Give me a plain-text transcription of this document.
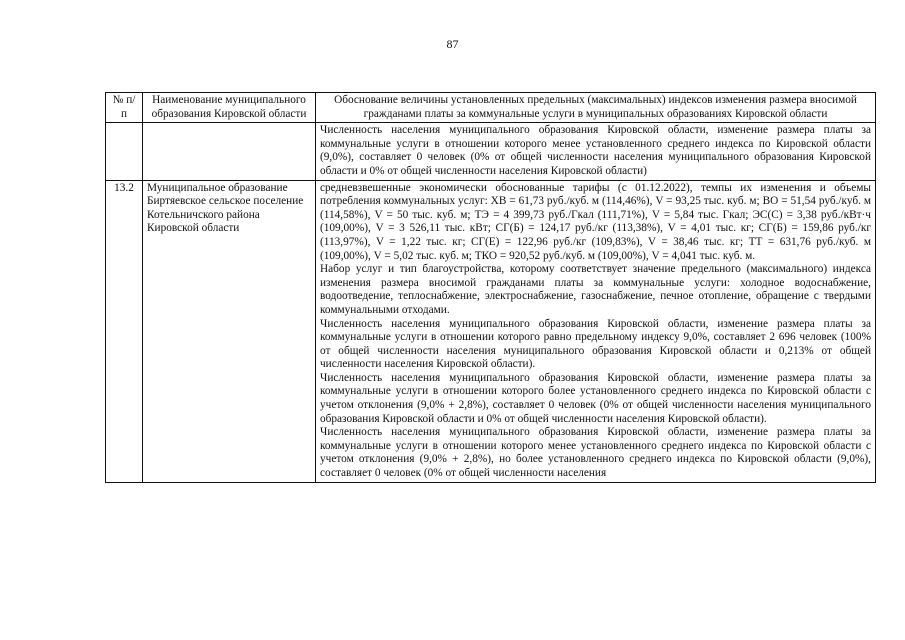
87
№ п/п	Наименование муниципального образования Кировской области	Обоснование величины установленных предельных (максимальных) индексов изменения размера вносимой гражданами платы за коммунальные услуги в муниципальных образованиях Кировской области

		Численность населения муниципального образования Кировской области, изменение размера платы за коммунальные услуги в отношении которого менее установленного среднего индекса по Кировской области (9,0%), составляет 0 человек (0% от общей численности населения муниципального образования Кировской области и 0% от общей численности населения Кировской области)

13.2	Муниципальное образование Биртяевское сельское поселение Котельничского района Кировской области	средневзвешенные экономически обоснованные тарифы (с 01.12.2022), темпы их изменения и объемы потребления коммунальных услуг: ХВ = 61,73 руб./куб. м (114,46%), V = 93,25 тыс. куб. м; ВО = 51,54 руб./куб. м (114,58%), V = 50 тыс. куб. м; ТЭ = 4 399,73 руб./Гкал (111,71%), V = 5,84 тыс. Гкал; ЭС(С) = 3,38 руб./кВт·ч (109,00%), V = 3 526,11 тыс. кВт; СГ(Б) = 124,17 руб./кг (113,38%), V = 4,01 тыс. кг; СГ(Б) = 159,86 руб./кг (113,97%), V = 1,22 тыс. кг; СГ(Е) = 122,96 руб./кг (109,83%), V = 38,46 тыс. кг; ТТ = 631,76 руб./куб. м (109,00%), V = 5,02 тыс. куб. м; ТКО = 920,52 руб./куб. м (109,00%), V = 4,041 тыс. куб. м.

Набор услуг и тип благоустройства, которому соответствует значение предельного (максимального) индекса изменения размера вносимой гражданами платы за коммунальные услуги: холодное водоснабжение, водоотведение, теплоснабжение, электроснабжение, газоснабжение, печное отопление, обращение с твердыми коммунальными отходами.

Численность населения муниципального образования Кировской области, изменение размера платы за коммунальные услуги в отношении которого равно предельному индексу 9,0%, составляет 2 696 человек (100% от общей численности населения муниципального образования Кировской области и 0,213% от общей численности населения Кировской области).

Численность населения муниципального образования Кировской области, изменение размера платы за коммунальные услуги в отношении которого более установленного среднего индекса по Кировской области с учетом отклонения (9,0% + 2,8%), составляет 0 человек (0% от общей численности населения муниципального образования Кировской области и 0% от общей численности населения Кировской области).

Численность населения муниципального образования Кировской области, изменение размера платы за коммунальные услуги в отношении которого менее установленного среднего индекса по Кировской области с учетом отклонения (9,0% + 2,8%), но более установленного среднего индекса по Кировской области (9,0%), составляет 0 человек (0% от общей численности населения
